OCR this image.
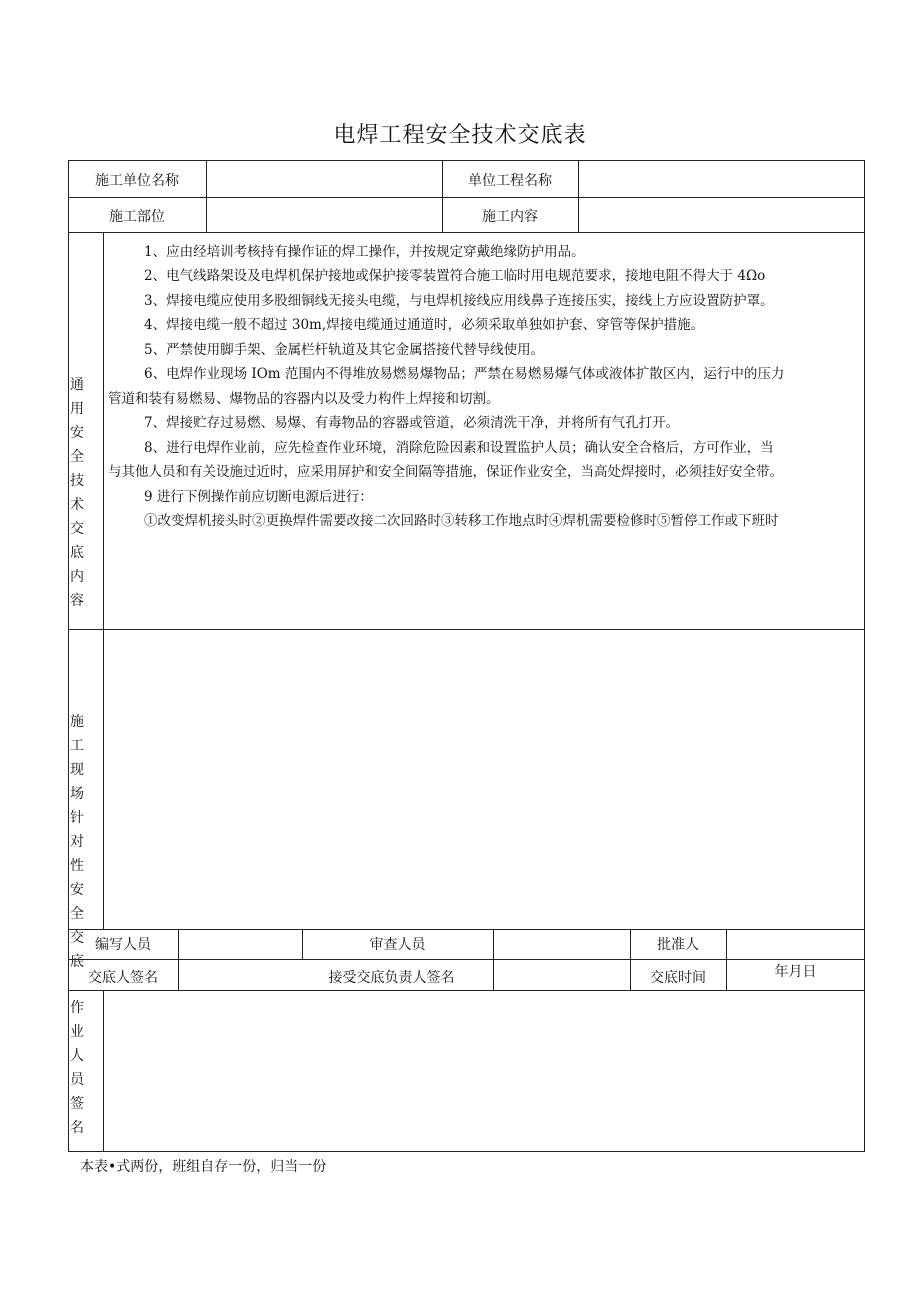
电焊工程安全技术交底表
施工单位名称	单位工程名称
施工部位	施工内容
通用安全技术交底内容
1、应由经培训考核持有操作证的焊工操作，并按规定穿戴绝缘防护用品。
2、电气线路架设及电焊机保护接地或保护接零装置符合施工临时用电规范要求，接地电阻不得大于 4Ωo
3、焊接电缆应使用多股细铜线无接头电缆，与电焊机接线应用线鼻子连接压实，接线上方应设置防护罩。
4、焊接电缆一般不超过 30m,焊接电缆通过通道时，必须采取单独如护套、穿管等保护措施。
5、严禁使用脚手架、金属栏杆轨道及其它金属搭接代替导线使用。
6、电焊作业现场 IOm 范围内不得堆放易燃易爆物品；严禁在易燃易爆气体或液体扩散区内，运行中的压力
管道和装有易燃易、爆物品的容器内以及受力构件上焊接和切割。
7、焊接贮存过易燃、易爆、有毒物品的容器或管道，必须清洗干净，并将所有气孔打开。
8、进行电焊作业前，应先检查作业环境，消除危险因素和设置监护人员；确认安全合格后，方可作业，当
与其他人员和有关设施过近时，应采用屏护和安全间隔等措施，保证作业安全，当高处焊接时，必须挂好安全带。
9 进行下例操作前应切断电源后进行：
①改变焊机接头时②更换焊件需要改接二次回路时③转移工作地点时④焊机需要检修时⑤暂停工作或下班时
施工现场针对性安全交底
编写人员	审查人员	批准人
交底人签名	接受交底负责人签名	交底时间	年月日
作业人员签名
本表•式两份，班组自存一份，归当一份
